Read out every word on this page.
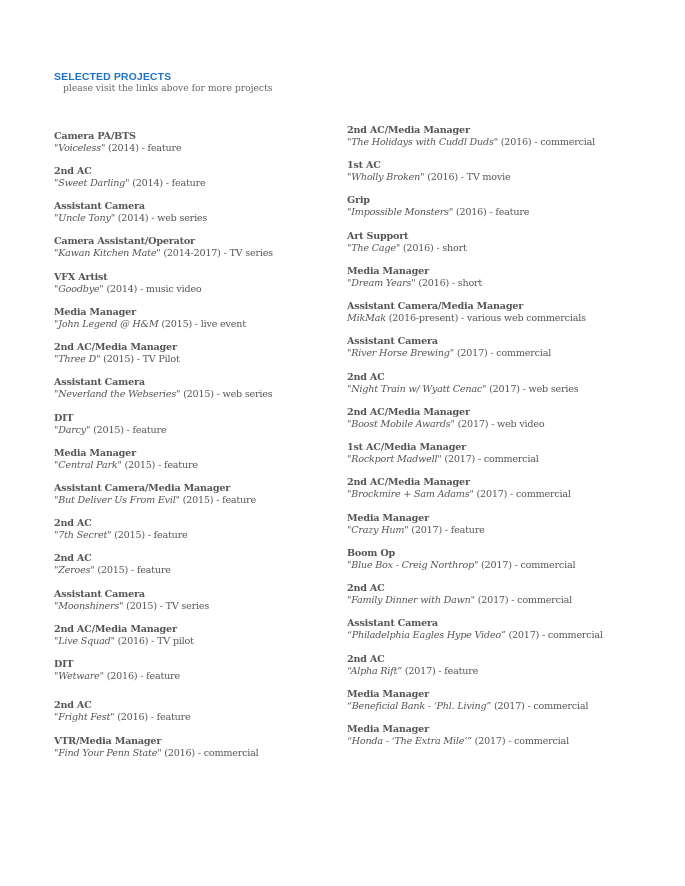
SELECTED PROJECTS
please visit the links above for more projects
Camera PA/BTS
"Voiceless" (2014) - feature
2nd AC
"Sweet Darling" (2014) - feature
Assistant Camera
"Uncle Tony" (2014) - web series
Camera Assistant/Operator
"Kawan Kitchen Mate" (2014-2017) - TV series
VFX Artist
"Goodbye" (2014) - music video
Media Manager
"John Legend @ H&M (2015) - live event
2nd AC/Media Manager
"Three D" (2015) - TV Pilot
Assistant Camera
"Neverland the Webseries" (2015) - web series
DIT
"Darcy" (2015) - feature
Media Manager
"Central Park" (2015) - feature
Assistant Camera/Media Manager
"But Deliver Us From Evil" (2015) - feature
2nd AC
"7th Secret" (2015) - feature
2nd AC
"Zeroes" (2015) - feature
Assistant Camera
"Moonshiners" (2015) - TV series
2nd AC/Media Manager
"Live Squad" (2016) - TV pilot
DIT
"Wetware" (2016) - feature
2nd AC
"Fright Fest" (2016) - feature
VTR/Media Manager
"Find Your Penn State" (2016) - commercial
2nd AC/Media Manager
"The Holidays with Cuddl Duds" (2016) - commercial
1st AC
"Wholly Broken" (2016) - TV movie
Grip
"Impossible Monsters" (2016) - feature
Art Support
"The Cage" (2016) - short
Media Manager
"Dream Years" (2016) - short
Assistant Camera/Media Manager
MikMak (2016-present) - various web commercials
Assistant Camera
"River Horse Brewing" (2017) - commercial
2nd AC
"Night Train w/ Wyatt Cenac" (2017) - web series
2nd AC/Media Manager
"Boost Mobile Awards" (2017) - web video
1st AC/Media Manager
"Rockport Madwell" (2017) - commercial
2nd AC/Media Manager
"Brockmire + Sam Adams" (2017) - commercial
Media Manager
"Crazy Hum" (2017) - feature
Boom Op
"Blue Box - Creig Northrop" (2017) - commercial
2nd AC
"Family Dinner with Dawn" (2017) - commercial
Assistant Camera
“Philadelphia Eagles Hype Video” (2017) - commercial
2nd AC
“Alpha Rift” (2017) - feature
Media Manager
“Beneficial Bank - ‘Phl. Living” (2017) - commercial
Media Manager
“Honda - ‘The Extra Mile’” (2017) - commercial
